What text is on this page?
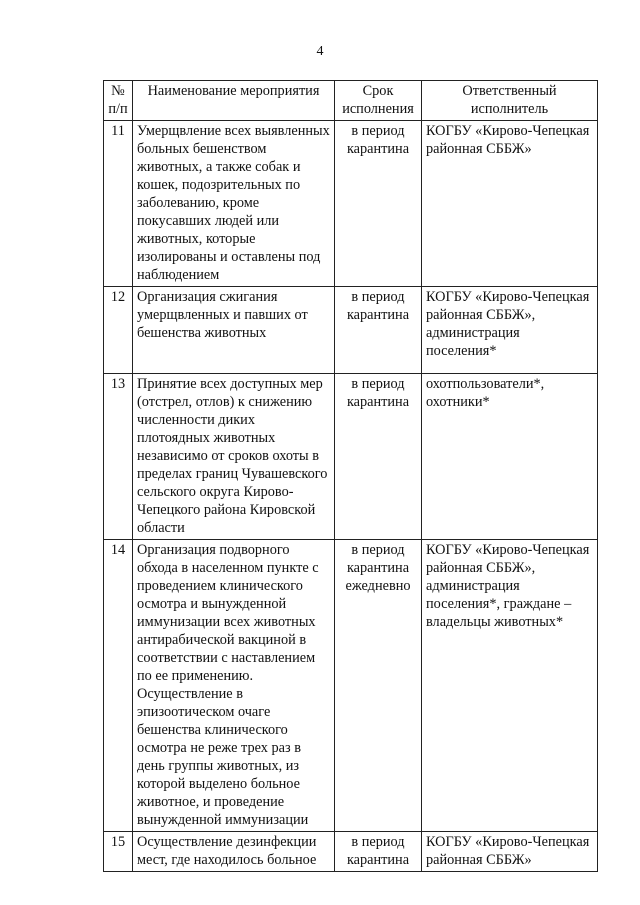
4
№ п/п	Наименование мероприятия	Срок исполнения	Ответственный исполнитель
11	Умерщвление всех выявленных больных бешенством животных, а также собак и кошек, подозрительных по заболеванию, кроме покусавших людей или животных, которые изолированы и оставлены под наблюдением	в период карантина	КОГБУ «Кирово-Чепецкая районная СББЖ»
12	Организация сжигания умерщвленных и павших от бешенства животных	в период карантина	КОГБУ «Кирово-Чепецкая районная СББЖ», администрация поселения*
13	Принятие всех доступных мер (отстрел, отлов) к снижению численности диких плотоядных животных независимо от сроков охоты в пределах границ Чувашевского сельского округа Кирово-Чепецкого района Кировской области	в период карантина	охотпользователи*, охотники*
14	Организация подворного обхода в населенном пункте с проведением клинического осмотра и вынужденной иммунизации всех животных антирабической вакциной в соответствии с наставлением по ее применению. Осуществление в эпизоотическом очаге бешенства клинического осмотра не реже трех раз в день группы животных, из которой выделено больное животное, и проведение вынужденной иммунизации	в период карантина ежедневно	КОГБУ «Кирово-Чепецкая районная СББЖ», администрация поселения*, граждане – владельцы животных*
15	Осуществление дезинфекции мест, где находилось больное	в период карантина	КОГБУ «Кирово-Чепецкая районная СББЖ»
